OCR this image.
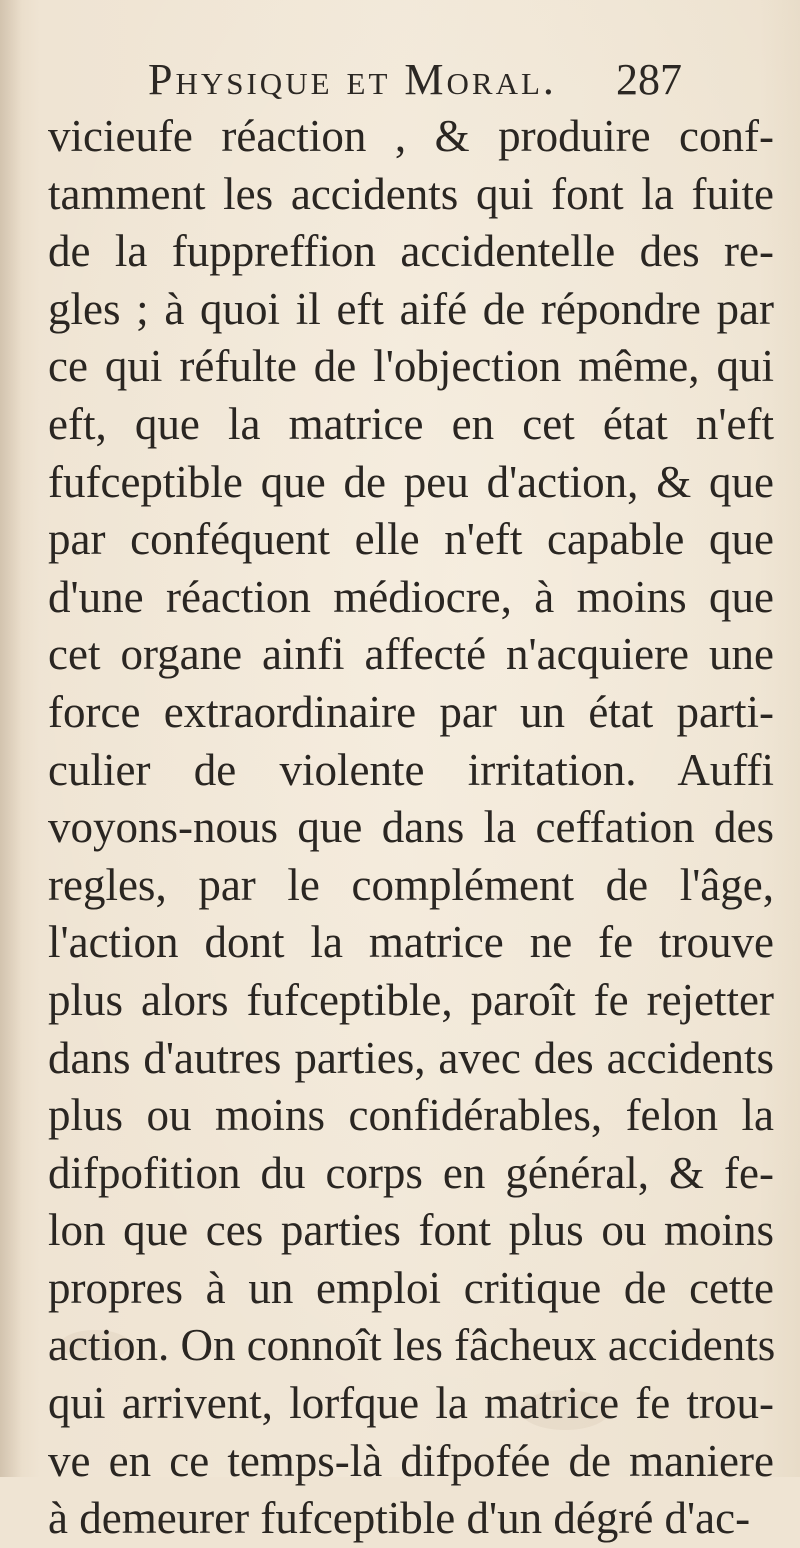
Physique et Moral. 287
vicieufe réaction , & produire conf-
tamment les accidents qui font la fuite
de la fuppreffion accidentelle des re-
gles ; à quoi il eft aifé de répondre par
ce qui réfulte de l'objection même, qui
eft, que la matrice en cet état n'eft
fufceptible que de peu d'action, & que
par conféquent elle n'eft capable que
d'une réaction médiocre, à moins que
cet organe ainfi affecté n'acquiere une
force extraordinaire par un état parti-
culier de violente irritation. Auffi
voyons-nous que dans la ceffation des
regles, par le complément de l'âge,
l'action dont la matrice ne fe trouve
plus alors fufceptible, paroît fe rejetter
dans d'autres parties, avec des accidents
plus ou moins confidérables, felon la
difpofition du corps en général, & fe-
lon que ces parties font plus ou moins
propres à un emploi critique de cette
action. On connoît les fâcheux accidents
qui arrivent, lorfque la matrice fe trou-
ve en ce temps-là difpofée de maniere
à demeurer fufceptible d'un dégré d'ac-
